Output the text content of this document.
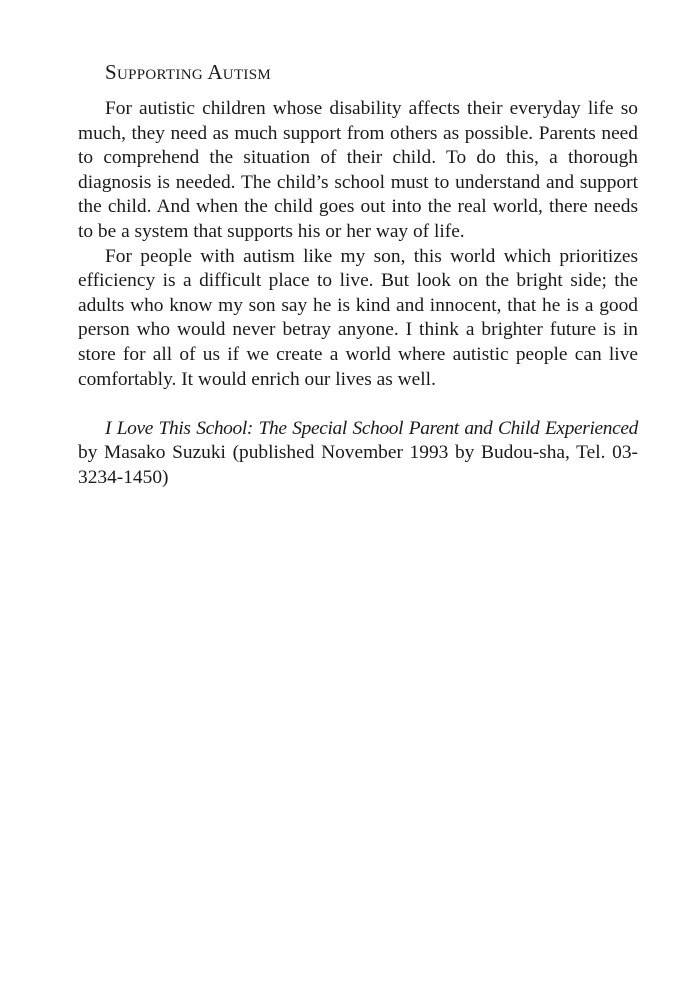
Supporting Autism

For autistic children whose disability affects their everyday life so much, they need as much support from others as possible. Parents need to comprehend the situation of their child. To do this, a thorough diagnosis is needed. The child’s school must to understand and support the child. And when the child goes out into the real world, there needs to be a system that supports his or her way of life.

For people with autism like my son, this world which prioritizes efficiency is a difficult place to live. But look on the bright side; the adults who know my son say he is kind and innocent, that he is a good person who would never betray anyone. I think a brighter future is in store for all of us if we create a world where autistic people can live comfortably. It would enrich our lives as well.

I Love This School: The Special School Parent and Child Experienced by Masako Suzuki (published November 1993 by Budou-sha, Tel. 03-3234-1450)
